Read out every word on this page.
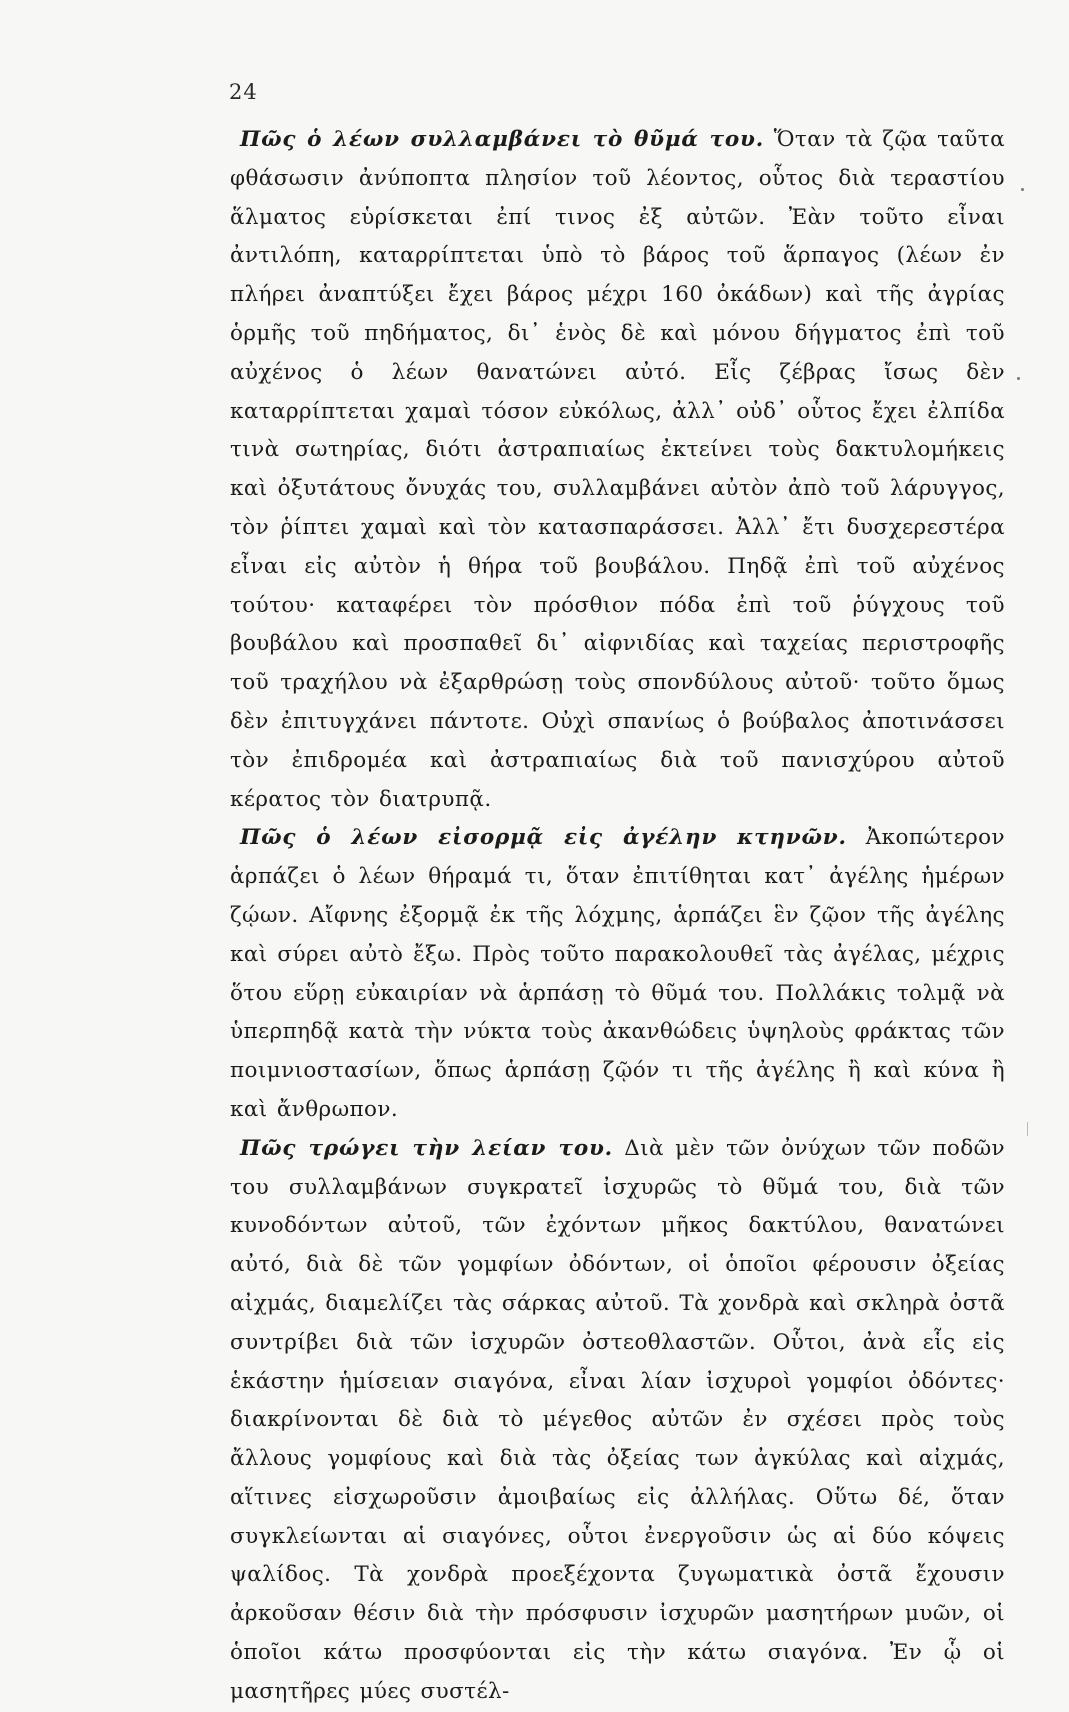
24

Πῶς ὁ λέων συλλαμβάνει τὸ θῦμά του. Ὅταν τὰ ζῷα ταῦτα φθάσωσιν ἀνύποπτα πλησίον τοῦ λέοντος, οὗτος διὰ τεραστίου ἅλματος εὑρίσκεται ἐπί τινος ἐξ αὐτῶν. Ἐὰν τοῦτο εἶναι ἀντιλόπη, καταρρίπτεται ὑπὸ τὸ βάρος τοῦ ἅρπαγος (λέων ἐν πλήρει ἀναπτύξει ἔχει βάρος μέχρι 160 ὀκάδων) καὶ τῆς ἀγρίας ὁρμῆς τοῦ πηδήματος, δι᾽ ἑνὸς δὲ καὶ μόνου δήγματος ἐπὶ τοῦ αὐχένος ὁ λέων θανατώνει αὐτό. Εἷς ζέβρας ἴσως δὲν καταρρίπτεται χαμαὶ τόσον εὐκόλως, ἀλλ᾽ οὐδ᾽ οὗτος ἔχει ἐλπίδα τινὰ σωτηρίας, διότι ἀστραπιαίως ἐκτείνει τοὺς δακτυλομήκεις καὶ ὀξυτάτους ὄνυχάς του, συλλαμβάνει αὐτὸν ἀπὸ τοῦ λάρυγγος, τὸν ῥίπτει χαμαὶ καὶ τὸν κατασπαράσσει. Ἀλλ᾽ ἔτι δυσχερεστέρα εἶναι εἰς αὐτὸν ἡ θήρα τοῦ βουβάλου. Πηδᾷ ἐπὶ τοῦ αὐχένος τούτου· καταφέρει τὸν πρόσθιον πόδα ἐπὶ τοῦ ῥύγχους τοῦ βουβάλου καὶ προσπαθεῖ δι᾽ αἰφνιδίας καὶ ταχείας περιστροφῆς τοῦ τραχήλου νὰ ἐξαρθρώσῃ τοὺς σπονδύλους αὐτοῦ· τοῦτο ὅμως δὲν ἐπιτυγχάνει πάντοτε. Οὐχὶ σπανίως ὁ βούβαλος ἀποτινάσσει τὸν ἐπιδρομέα καὶ ἀστραπιαίως διὰ τοῦ πανισχύρου αὐτοῦ κέρατος τὸν διατρυπᾷ.

Πῶς ὁ λέων εἰσορμᾷ εἰς ἀγέλην κτηνῶν. Ἀκοπώτερον ἁρπάζει ὁ λέων θήραμά τι, ὅταν ἐπιτίθηται κατ᾽ ἀγέλης ἡμέρων ζῴων. Αἴφνης ἐξορμᾷ ἐκ τῆς λόχμης, ἁρπάζει ἓν ζῷον τῆς ἀγέλης καὶ σύρει αὐτὸ ἔξω. Πρὸς τοῦτο παρακολουθεῖ τὰς ἀγέλας, μέχρις ὅτου εὕρῃ εὐκαιρίαν νὰ ἁρπάσῃ τὸ θῦμά του. Πολλάκις τολμᾷ νὰ ὑπερπηδᾷ κατὰ τὴν νύκτα τοὺς ἀκανθώδεις ὑψηλοὺς φράκτας τῶν ποιμνιοστασίων, ὅπως ἁρπάσῃ ζῷόν τι τῆς ἀγέλης ἢ καὶ κύνα ἢ καὶ ἄνθρωπον.

Πῶς τρώγει τὴν λείαν του. Διὰ μὲν τῶν ὀνύχων τῶν ποδῶν του συλλαμβάνων συγκρατεῖ ἰσχυρῶς τὸ θῦμά του, διὰ τῶν κυνοδόντων αὐτοῦ, τῶν ἐχόντων μῆκος δακτύλου, θανατώνει αὐτό, διὰ δὲ τῶν γομφίων ὀδόντων, οἱ ὁποῖοι φέρουσιν ὀξείας αἰχμάς, διαμελίζει τὰς σάρκας αὐτοῦ. Τὰ χονδρὰ καὶ σκληρὰ ὀστᾶ συντρίβει διὰ τῶν ἰσχυρῶν ὀστεοθλαστῶν. Οὗτοι, ἀνὰ εἷς εἰς ἑκάστην ἡμίσειαν σιαγόνα, εἶναι λίαν ἰσχυροὶ γομφίοι ὀδόντες· διακρίνονται δὲ διὰ τὸ μέγεθος αὐτῶν ἐν σχέσει πρὸς τοὺς ἄλλους γομφίους καὶ διὰ τὰς ὀξείας των ἀγκύλας καὶ αἰχμάς, αἵτινες εἰσχωροῦσιν ἀμοιβαίως εἰς ἀλλήλας. Οὕτω δέ, ὅταν συγκλείωνται αἱ σιαγόνες, οὗτοι ἐνεργοῦσιν ὡς αἱ δύο κόψεις ψαλίδος. Τὰ χονδρὰ προεξέχοντα ζυγωματικὰ ὀστᾶ ἔχουσιν ἀρκοῦσαν θέσιν διὰ τὴν πρόσφυσιν ἰσχυρῶν μασητήρων μυῶν, οἱ ὁποῖοι κάτω προσφύονται εἰς τὴν κάτω σιαγόνα. Ἐν ᾧ οἱ μασητῆρες μύες συστέλ-
